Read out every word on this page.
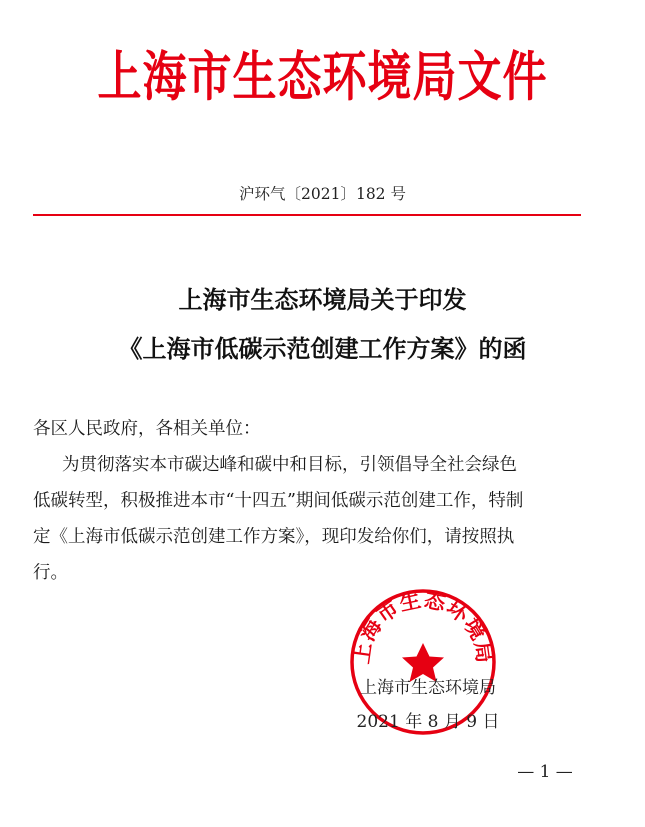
上海市生态环境局文件
沪环气〔2021〕182 号
上海市生态环境局关于印发
《上海市低碳示范创建工作方案》的函
各区人民政府，各相关单位：
为贯彻落实本市碳达峰和碳中和目标，引领倡导全社会绿色
低碳转型，积极推进本市“十四五”期间低碳示范创建工作，特制
定《上海市低碳示范创建工作方案》，现印发给你们，请按照执
行。
上海市生态环境局
上海市生态环境局
2021 年 8 月 9 日
— 1 —
